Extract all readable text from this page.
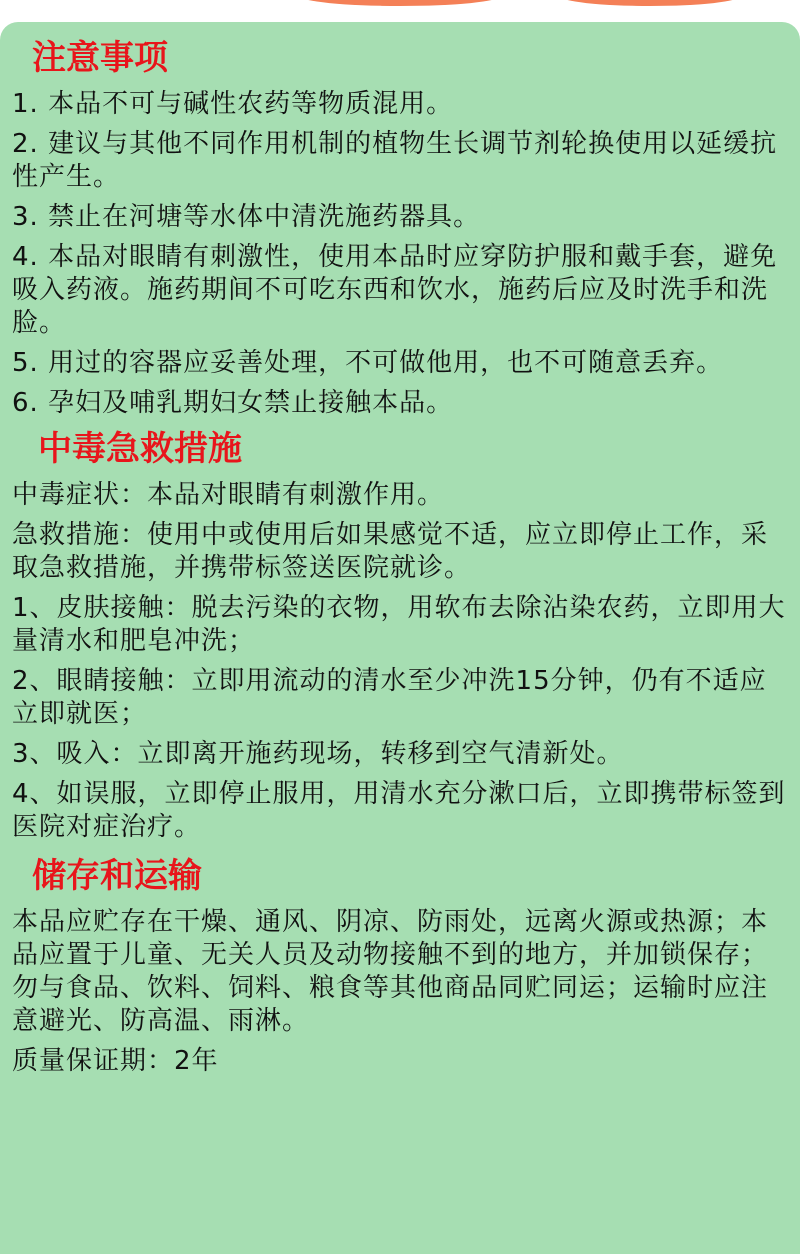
注意事项
1. 本品不可与碱性农药等物质混用。
2. 建议与其他不同作用机制的植物生长调节剂轮换使用以延缓抗性产生。
3. 禁止在河塘等水体中清洗施药器具。
4. 本品对眼睛有刺激性，使用本品时应穿防护服和戴手套，避免吸入药液。施药期间不可吃东西和饮水，施药后应及时洗手和洗脸。
5. 用过的容器应妥善处理，不可做他用，也不可随意丢弃。
6. 孕妇及哺乳期妇女禁止接触本品。
中毒急救措施
中毒症状：本品对眼睛有刺激作用。
急救措施：使用中或使用后如果感觉不适，应立即停止工作，采取急救措施，并携带标签送医院就诊。
1、皮肤接触：脱去污染的衣物，用软布去除沾染农药，立即用大量清水和肥皂冲洗；
2、眼睛接触：立即用流动的清水至少冲洗15分钟，仍有不适应立即就医；
3、吸入：立即离开施药现场，转移到空气清新处。
4、如误服，立即停止服用，用清水充分漱口后，立即携带标签到医院对症治疗。
储存和运输
本品应贮存在干燥、通风、阴凉、防雨处，远离火源或热源；本品应置于儿童、无关人员及动物接触不到的地方，并加锁保存；勿与食品、饮料、饲料、粮食等其他商品同贮同运；运输时应注意避光、防高温、雨淋。
质量保证期：2年
